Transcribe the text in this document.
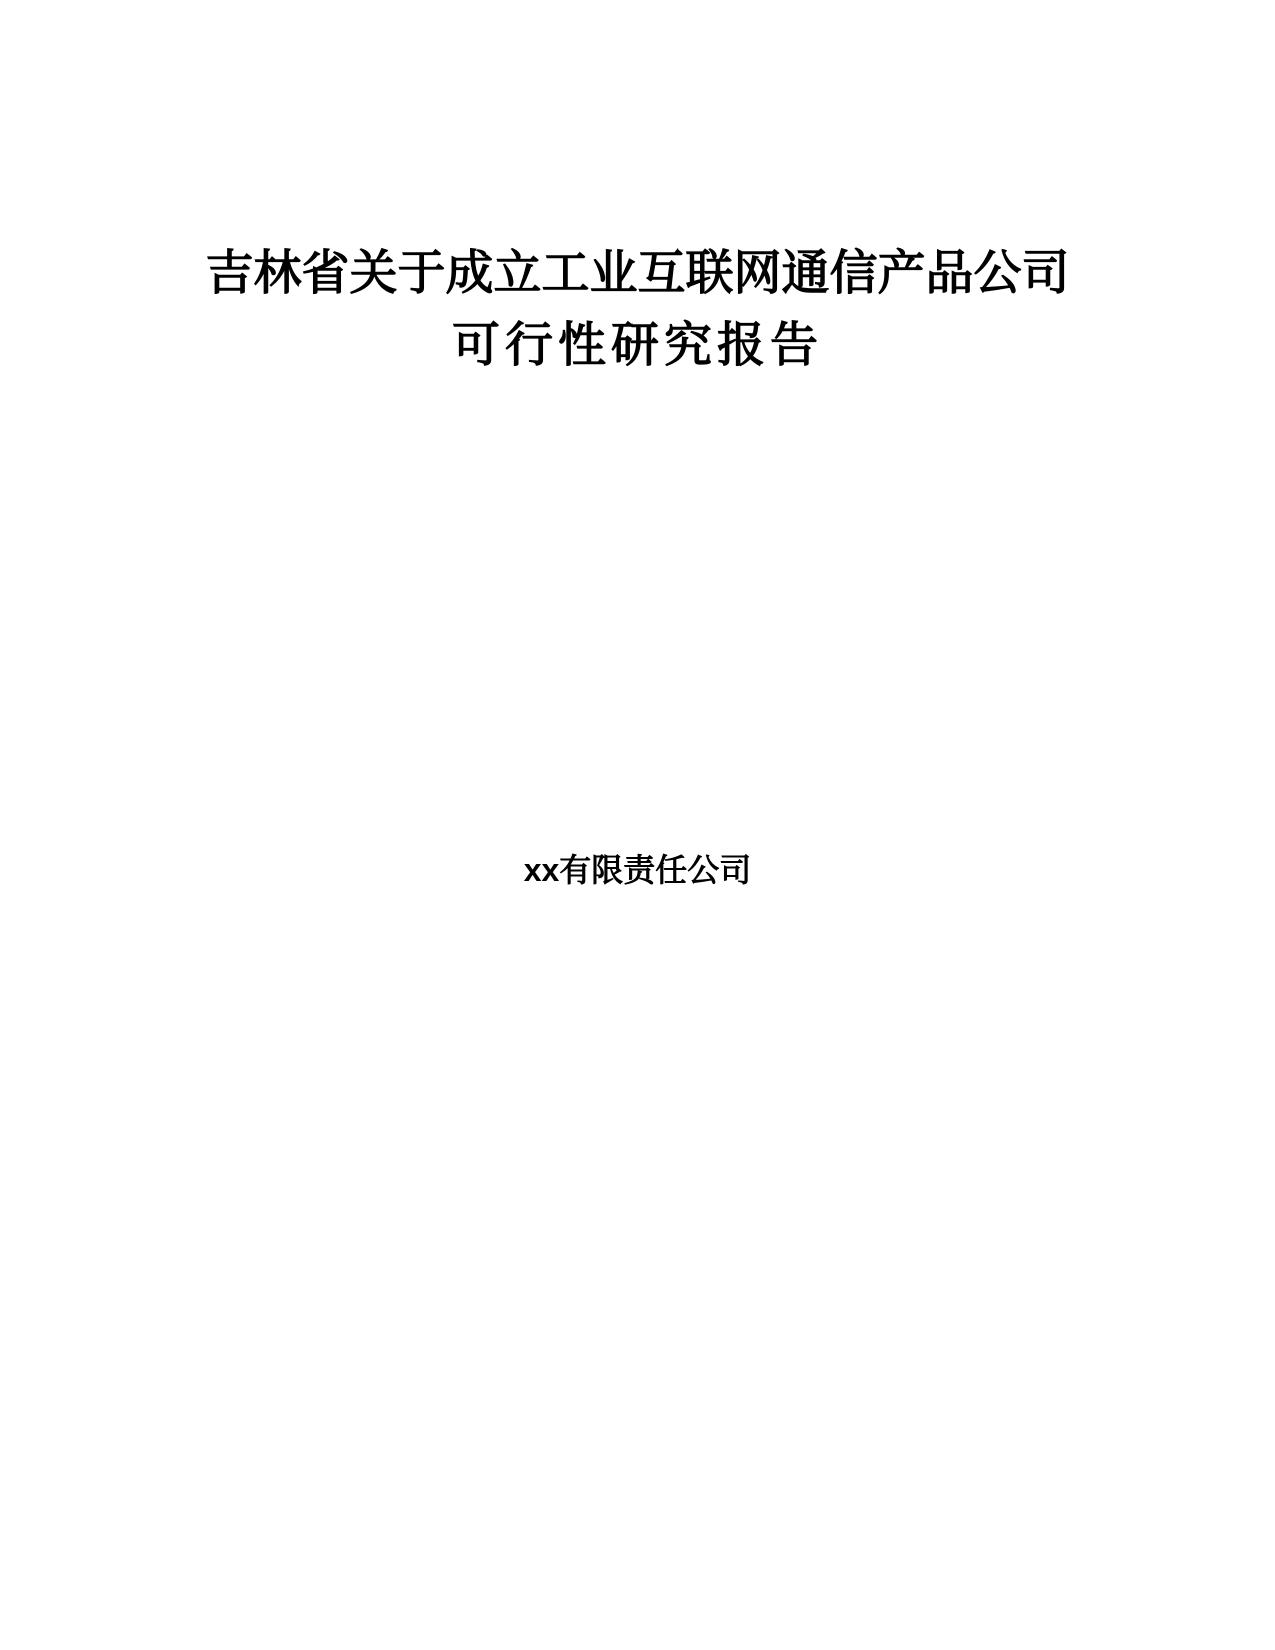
吉林省关于成立工业互联网通信产品公司
可行性研究报告
xx有限责任公司
